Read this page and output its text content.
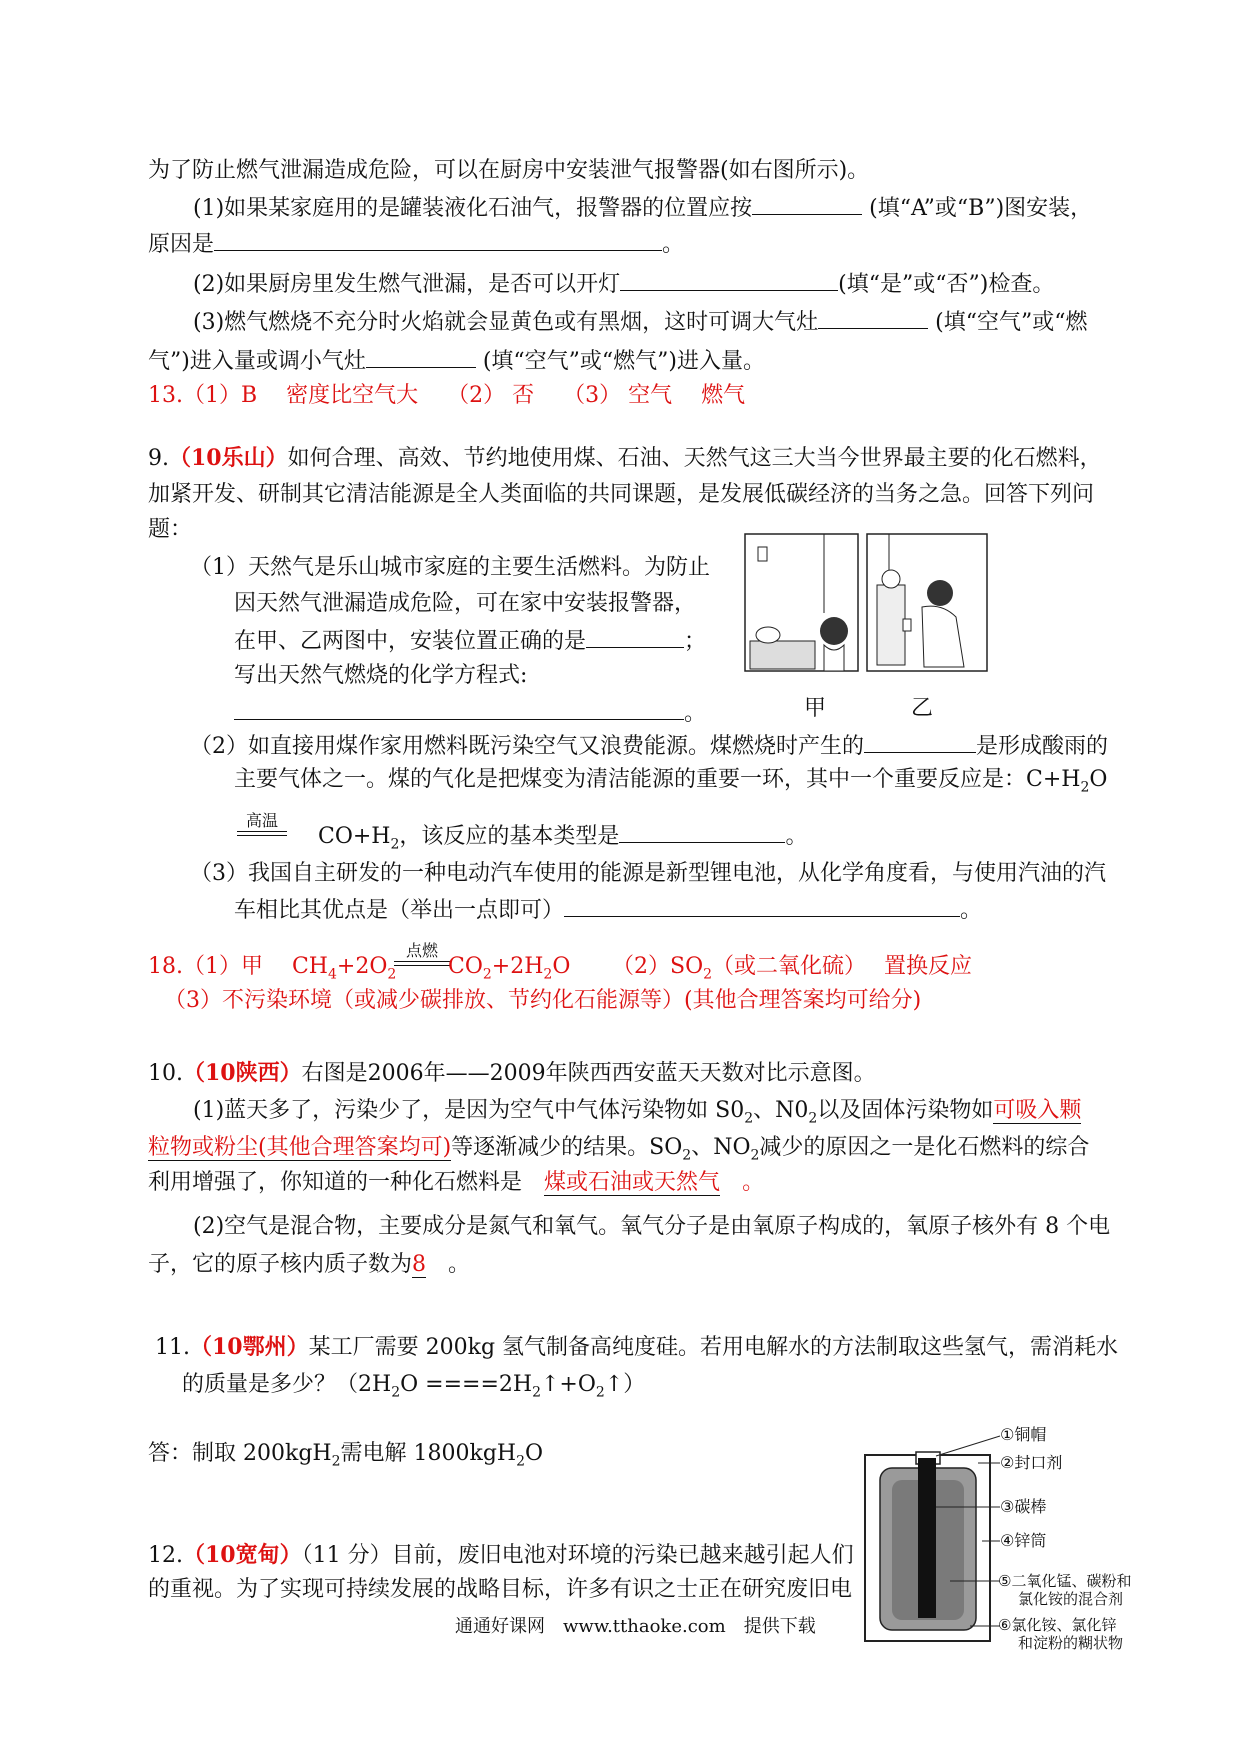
为了防止燃气泄漏造成危险，可以在厨房中安装泄气报警器(如右图所示)。
(1)如果某家庭用的是罐装液化石油气，报警器的位置应按	(填“A”或“B”)图安装，
原因是	。
(2)如果厨房里发生燃气泄漏，是否可以开灯	(填“是”或“否”)检查。
(3)燃气燃烧不充分时火焰就会显黄色或有黑烟，这时可调大气灶	(填“空气”或“燃
气”)进入量或调小气灶	(填“空气”或“燃气”)进入量。
13.（1）B　 密度比空气大　 （2） 否　 （3） 空气　 燃气
9.（10乐山）如何合理、高效、节约地使用煤、石油、天然气这三大当今世界最主要的化石燃料，
加紧开发、研制其它清洁能源是全人类面临的共同课题，是发展低碳经济的当务之急。回答下列问
题：
（1）天然气是乐山城市家庭的主要生活燃料。为防止
因天然气泄漏造成危险，可在家中安装报警器，
在甲、乙两图中，安装位置正确的是	；
写出天然气燃烧的化学方程式:
。	甲	乙
（2）如直接用煤作家用燃料既污染空气又浪费能源。煤燃烧时产生的	是形成酸雨的
主要气体之一。煤的气化是把煤变为清洁能源的重要一环，其中一个重要反应是：$C+H_2O$
高温
$CO+H_2$，该反应的基本类型是	。
（3）我国自主研发的一种电动汽车使用的能源是新型锂电池，从化学角度看，与使用汽油的汽
车相比其优点是（举出一点即可）	。
18.（1）甲　 $CH_4+2O_2$
点燃
$CO_2+2H_2O$ $(2)SO_2$（或二氧化硫）　 置换反应
（3）不污染环境（或减少碳排放、节约化石能源等）(其他合理答案均可给分)
10.（10陕西）右图是2006年——2009年陕西西安蓝天天数对比示意图。
(1)蓝天多了，污染少了，是因为空气中气体污染物如 $S0_2$、$N0_2$以及固体污染物如可吸入颗
粒物或粉尘(其他合理答案均可)等逐渐减少的结果。$SO_2$、$NO_2$减少的原因之一是化石燃料的综合
利用增强了，你知道的一种化石燃料是　 煤或石油或天然气　 。
(2)空气是混合物，主要成分是氮气和氧气。氧气分子是由氧原子构成的，氧原子核外有 8 个电
子，它的原子核内质子数为8　 。
11.（10鄂州）某工厂需要 200kg 氢气制备高纯度硅。若用电解水的方法制取这些氢气，需消耗水
的质量是多少？（$2H_2O$ $====2H_2↑+O_2↑$）
答：制取 200kgH$_2$需电解 1800kgH$_2$O
12.（10宽甸）（11 分）目前，废旧电池对环境的污染已越来越引起人们
的重视。为了实现可持续发展的战略目标，许多有识之士正在研究废旧电
①铜帽
②封口剂
③碳棒
④锌筒
⑤二氧化锰、碳粉和
氯化铵的混合剂
⑥氯化铵、氯化锌
和淀粉的糊状物
通通好课网　www.tthaoke.com　提供下载
